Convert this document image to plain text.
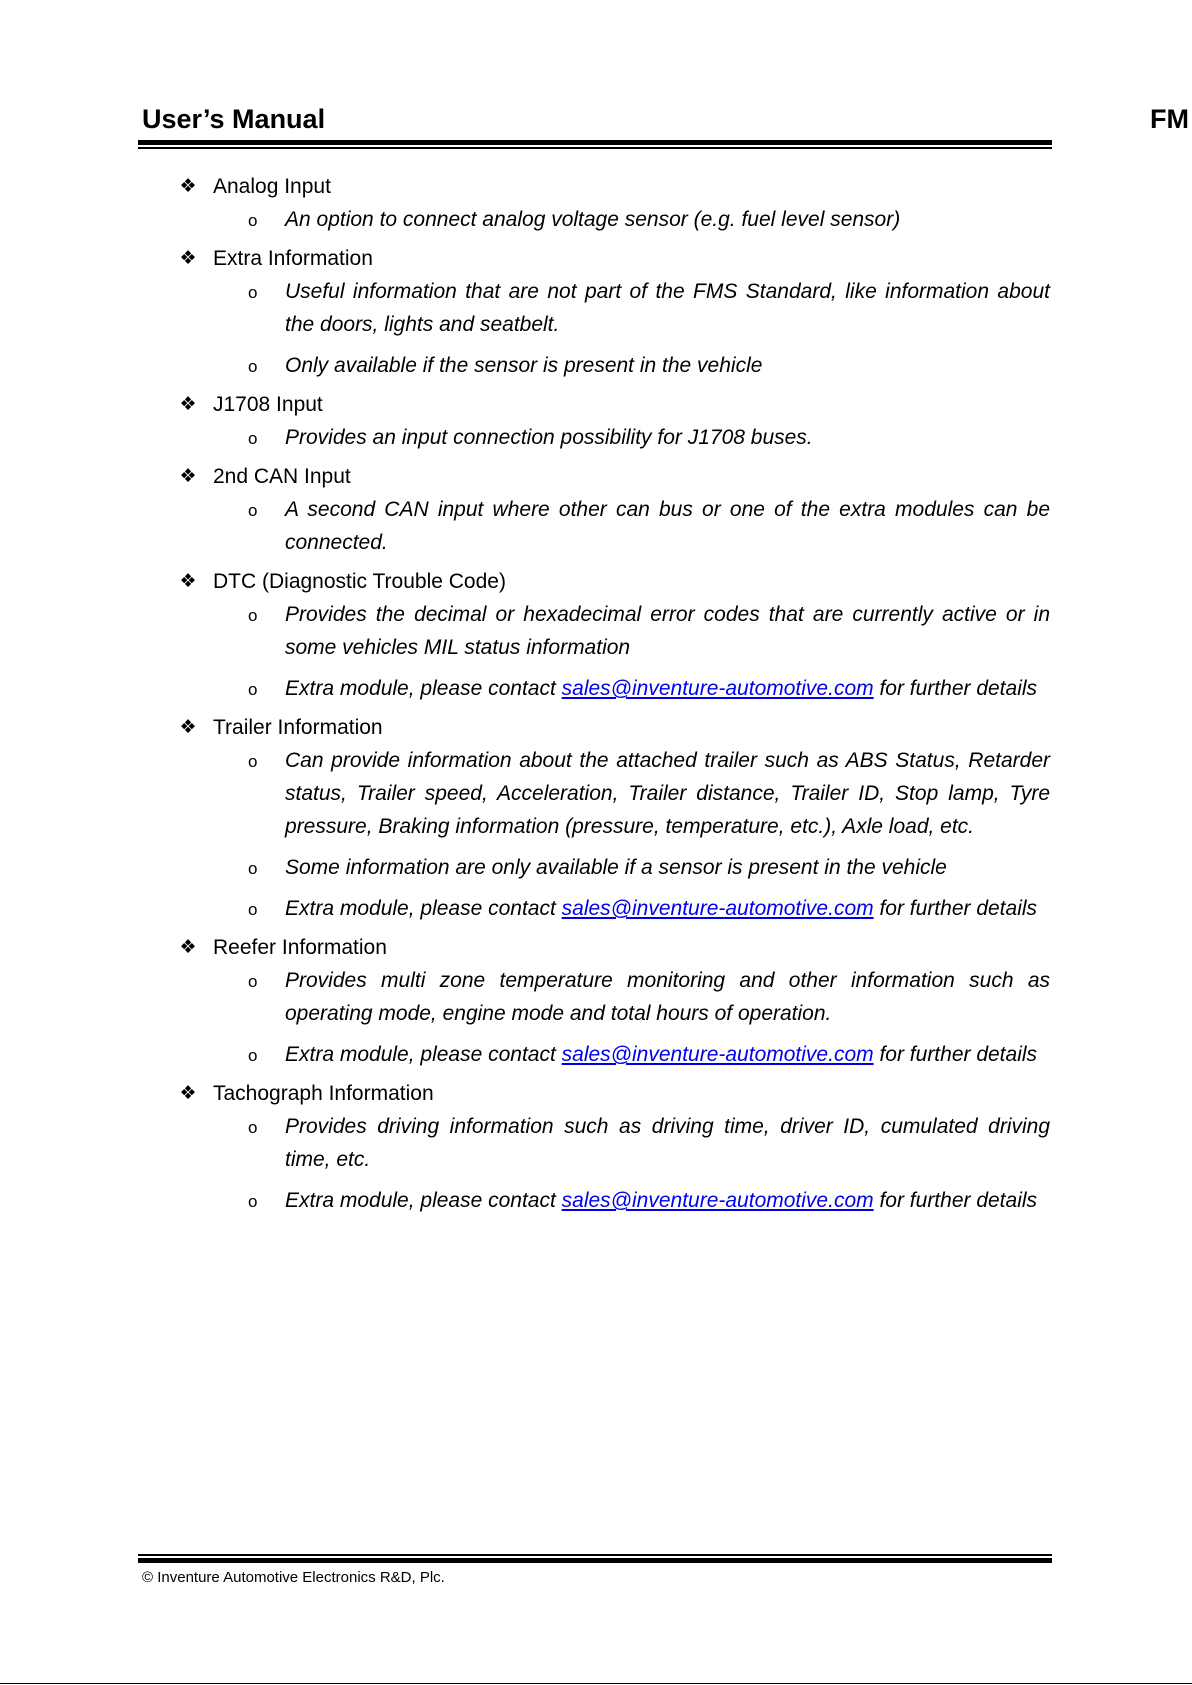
User’s Manual	FM
❖ Analog Input
o An option to connect analog voltage sensor (e.g. fuel level sensor)
❖ Extra Information
o Useful information that are not part of the FMS Standard, like information about the doors, lights and seatbelt.
o Only available if the sensor is present in the vehicle
❖ J1708 Input
o Provides an input connection possibility for J1708 buses.
❖ 2nd CAN Input
o A second CAN input where other can bus or one of the extra modules can be connected.
❖ DTC (Diagnostic Trouble Code)
o Provides the decimal or hexadecimal error codes that are currently active or in some vehicles MIL status information
o Extra module, please contact sales@inventure-automotive.com for further details
❖ Trailer Information
o Can provide information about the attached trailer such as ABS Status, Retarder status, Trailer speed, Acceleration, Trailer distance, Trailer ID, Stop lamp, Tyre pressure, Braking information (pressure, temperature, etc.), Axle load, etc.
o Some information are only available if a sensor is present in the vehicle
o Extra module, please contact sales@inventure-automotive.com for further details
❖ Reefer Information
o Provides multi zone temperature monitoring and other information such as operating mode, engine mode and total hours of operation.
o Extra module, please contact sales@inventure-automotive.com for further details
❖ Tachograph Information
o Provides driving information such as driving time, driver ID, cumulated driving time, etc.
o Extra module, please contact sales@inventure-automotive.com for further details
© Inventure Automotive Electronics R&D, Plc.
